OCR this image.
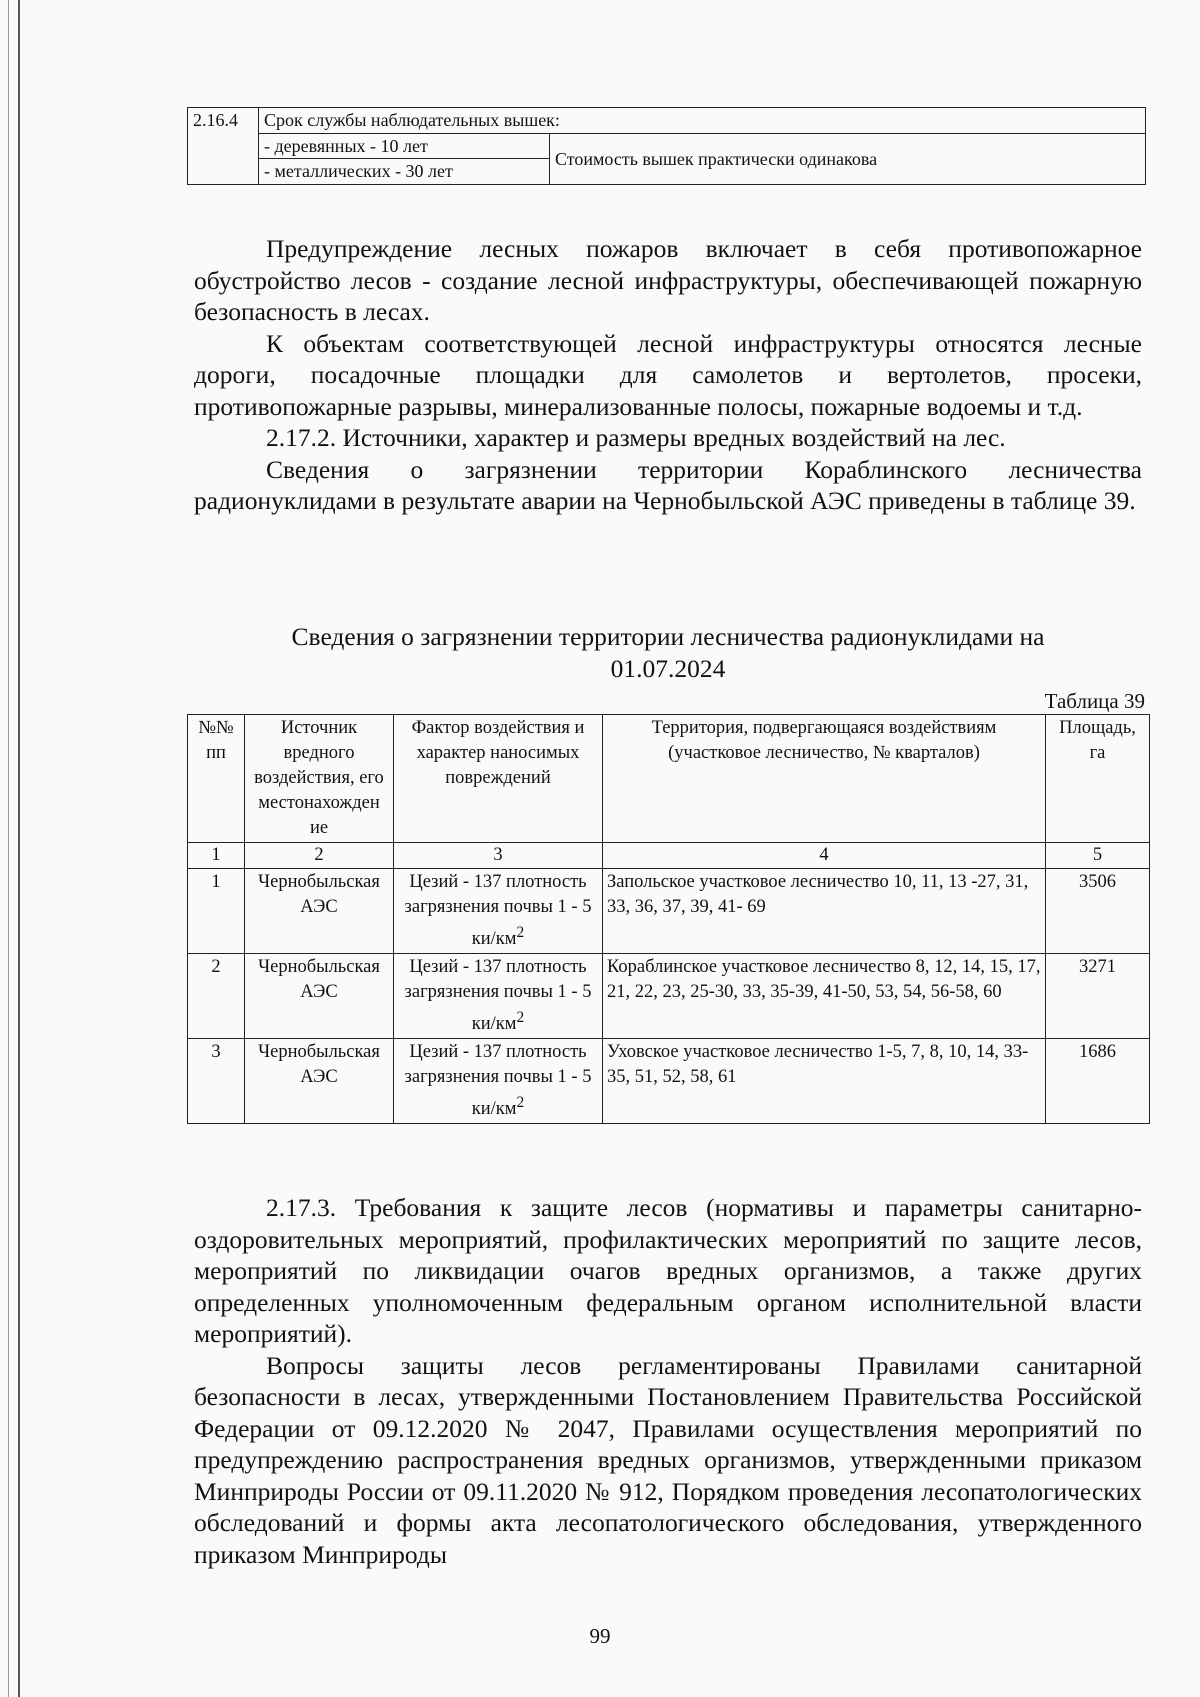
2.16.4	Срок службы наблюдательных вышек:	
	- деревянных - 10 лет	Стоимость вышек практически одинакова
	- металлических - 30 лет	

Предупреждение лесных пожаров включает в себя противопожарное обустройство лесов - создание лесной инфраструктуры, обеспечивающей пожарную безопасность в лесах.

К объектам соответствующей лесной инфраструктуры относятся лесные дороги, посадочные площадки для самолетов и вертолетов, просеки, противопожарные разрывы, минерализованные полосы, пожарные водоемы и т.д.

2.17.2. Источники, характер и размеры вредных воздействий на лес.

Сведения о загрязнении территории Кораблинского лесничества радионуклидами в результате аварии на Чернобыльской АЭС приведены в таблице 39.

Сведения о загрязнении территории лесничества радионуклидами на
01.07.2024
Таблица 39
№№ пп	Источник вредного воздействия, его местонахожден ие	Фактор воздействия и характер наносимых повреждений	Территория, подвергающаяся воздействиям (участковое лесничество, № кварталов)	Площадь, га
1	2	3	4	5
1	Чернобыльская АЭС	Цезий - 137 плотность загрязнения почвы 1 - 5 $ки/км^2$	Запольское участковое лесничество 10, 11, 13 -27, 31, 33, 36, 37, 39, 41- 69	3506
2	Чернобыльская АЭС	Цезий - 137 плотность загрязнения почвы 1 - 5 $ки/км^2$	Кораблинское участковое лесничество 8, 12, 14, 15, 17, 21, 22, 23, 25-30, 33, 35-39, 41-50, 53, 54, 56-58, 60	3271
3	Чернобыльская АЭС	Цезий - 137 плотность загрязнения почвы 1 - 5 $ки/км^2$	Уховское участковое лесничество 1-5, 7, 8, 10, 14, 33-35, 51, 52, 58, 61	1686

2.17.3. Требования к защите лесов (нормативы и параметры санитарно-оздоровительных мероприятий, профилактических мероприятий по защите лесов, мероприятий по ликвидации очагов вредных организмов, а также других определенных уполномоченным федеральным органом исполнительной власти мероприятий).

Вопросы защиты лесов регламентированы Правилами санитарной безопасности в лесах, утвержденными Постановлением Правительства Российской Федерации от 09.12.2020 № 2047, Правилами осуществления мероприятий по предупреждению распространения вредных организмов, утвержденными приказом Минприроды России от 09.11.2020 № 912, Порядком проведения лесопатологических обследований и формы акта лесопатологического обследования, утвержденного приказом Минприроды

99
